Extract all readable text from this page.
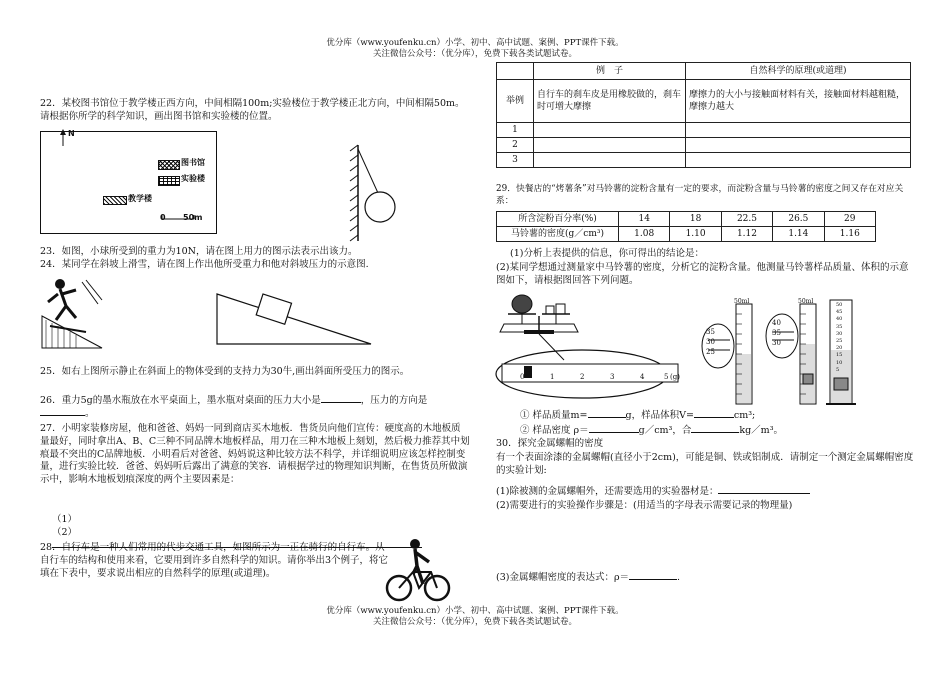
优分库（www.youfenku.cn）小学、初中、高中试题、案例、PPT课件下载。
关注微信公众号：（优分库），免费下载各类试题试卷。
22．某校图书馆位于教学楼正西方向，中间相隔100m;实验楼位于教学楼正北方向，中间相隔50m。请根据你所学的科学知识，画出图书馆和实验楼的位置。
N
图书馆
实验楼
教学楼
0 50m
23．如图，小球所受到的重力为10N，请在图上用力的图示法表示出该力。
24．某同学在斜坡上滑雪，请在图上作出他所受重力和他对斜坡压力的示意图.
25．如右上图所示静止在斜面上的物体受到的支持力为30牛,画出斜面所受压力的图示。
26．重力5g的墨水瓶放在水平桌面上，墨水瓶对桌面的压力大小是	，压力的方向是。
27．小明家装修房屋，他和爸爸、妈妈一同到商店买木地板．售货员向他们宣传：硬度高的木地板质量最好，同时拿出A、B、C三种不同品牌木地板样品，用刀在三种木地板上刻划，然后极力推荐其中划痕最不突出的C品牌地板．小明看后对爸爸、妈妈说这种比较方法不科学，并详细说明应该怎样控制变量，进行实验比较．爸爸、妈妈听后露出了满意的笑容．请根据学过的物理知识判断，在售货员所做演示中，影响木地板划痕深度的两个主要因素是：
（1）
（2）
28．自行车是一种人们常用的代步交通工具，如图所示为一正在骑行的自行车。从自行车的结构和使用来看，它要用到许多自然科学的知识。请你举出3个例子，将它填在下表中，要求说出相应的自然科学的原理(或道理)。
	例　子	自然科学的原理(或道理)
举例	自行车的刹车皮是用橡胶做的，刹车时可增大摩擦	摩擦力的大小与接触面材料有关，接触面材料越粗糙，摩擦力越大
1		
2		
3		
29．快餐店的“烤薯条”对马铃薯的淀粉含量有一定的要求，而淀粉含量与马铃薯的密度之间又存在对应关系：
所含淀粉百分率(%)	14	18	22.5	26.5	29
马铃薯的密度(g／cm³)	1.08	1.10	1.12	1.14	1.16
(1)分析上表提供的信息，你可得出的结论是：
(2)某同学想通过测量家中马铃薯的密度，分析它的淀粉含量。他测量马铃薯样品质量、体积的示意图如下，请根据图回答下列问题。
0	1	2	3	4	5 (g)
50ml
35
30
25
50ml
40
35
30
50
45
40
35
30
25
20
15
10
5
① 样品质量m=	g，样品体积V=	cm³;
② 样品密度 ρ＝	g／cm³，合	kg／m³。
30．探究金属螺帽的密度
有一个表面涂漆的金属螺帽(直径小于2cm)，可能是铜、铁或铝制成．请制定一个测定金属螺帽密度的实验计划:
(1)除被测的金属螺帽外，还需要选用的实验器材是：
(2)需要进行的实验操作步骤是：(用适当的字母表示需要记录的物理量)
(3)金属螺帽密度的表达式：ρ＝	.
优分库（www.youfenku.cn）小学、初中、高中试题、案例、PPT课件下载。
关注微信公众号：（优分库），免费下载各类试题试卷。
